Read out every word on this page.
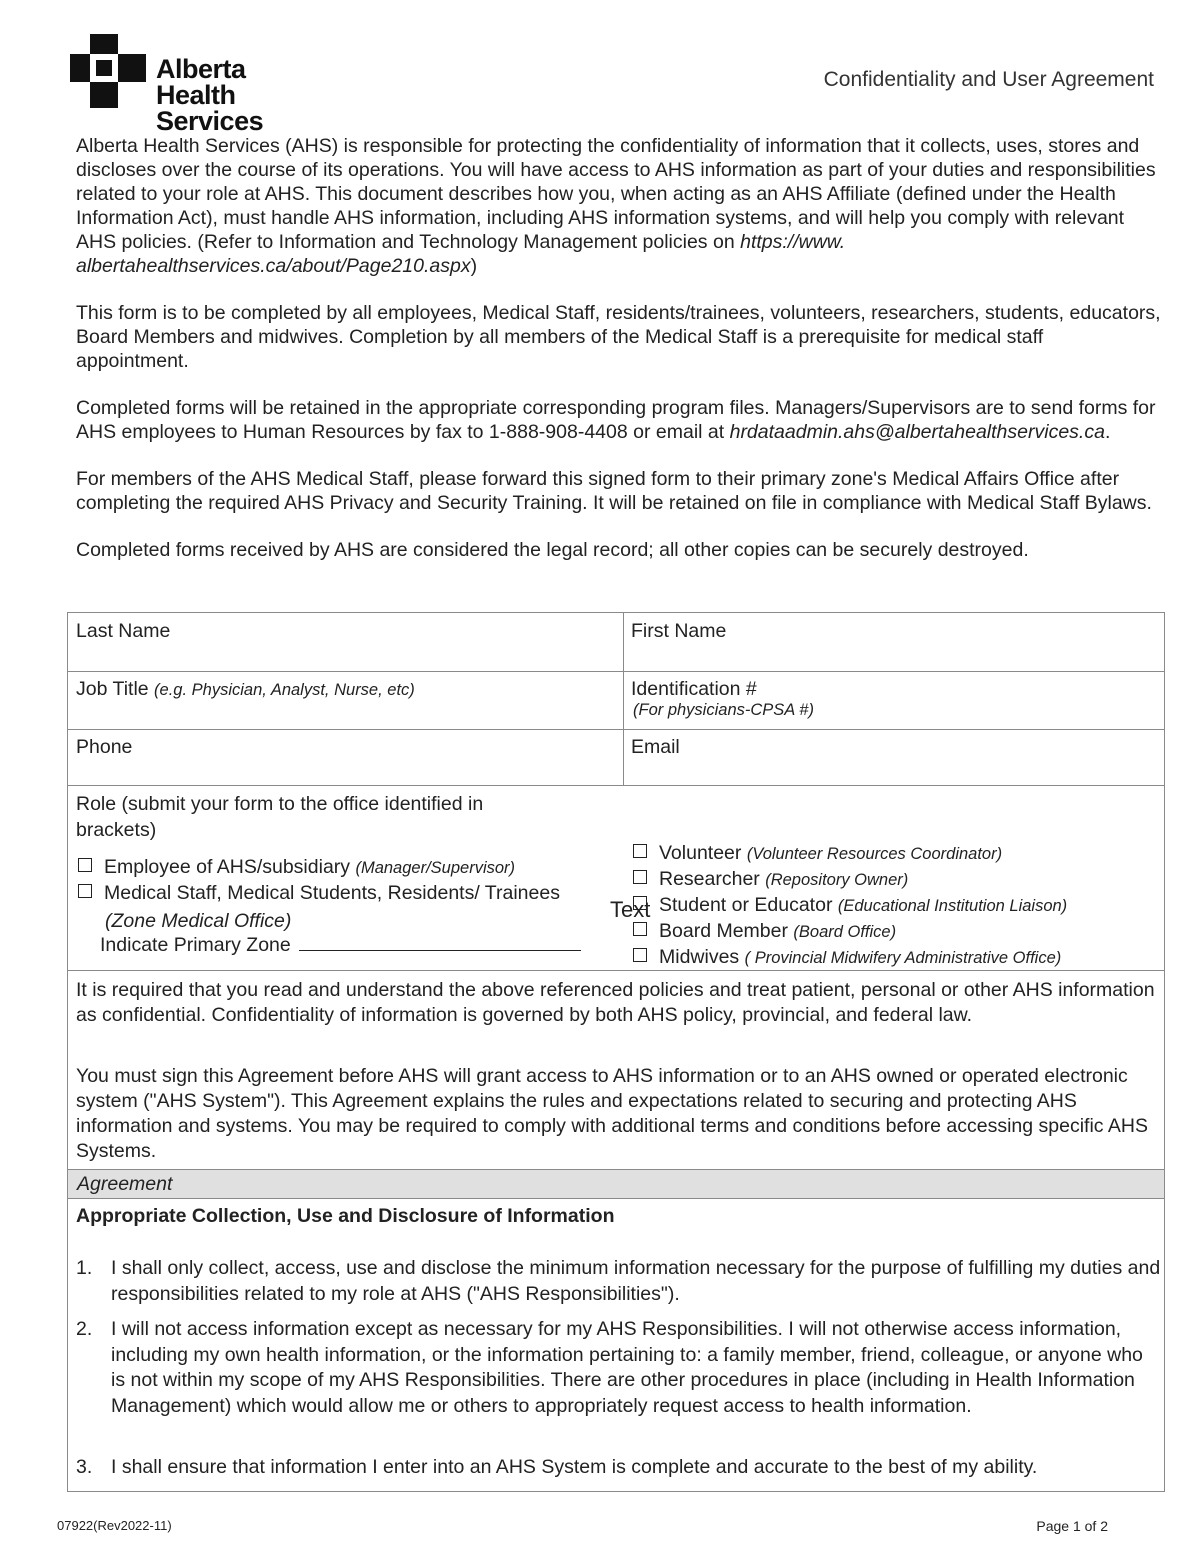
Alberta Health
Services
Confidentiality and User Agreement

Alberta Health Services (AHS) is responsible for protecting the confidentiality of information that it collects, uses, stores and discloses over the course of its operations. You will have access to AHS information as part of your duties and responsibilities related to your role at AHS. This document describes how you, when acting as an AHS Affiliate (defined under the Health Information Act), must handle AHS information, including AHS information systems, and will help you comply with relevant AHS policies. (Refer to Information and Technology Management policies on https://www. albertahealthservices.ca/about/Page210.aspx)

This form is to be completed by all employees, Medical Staff, residents/trainees, volunteers, researchers, students, educators, Board Members and midwives. Completion by all members of the Medical Staff is a prerequisite for medical staff appointment.

Completed forms will be retained in the appropriate corresponding program files. Managers/Supervisors are to send forms for AHS employees to Human Resources by fax to 1-888-908-4408 or email at hrdataadmin.ahs@albertahealthservices.ca.

For members of the AHS Medical Staff, please forward this signed form to their primary zone's Medical Affairs Office after completing the required AHS Privacy and Security Training. It will be retained on file in compliance with Medical Staff Bylaws.

Completed forms received by AHS are considered the legal record; all other copies can be securely destroyed.

Last Name	First Name
Job Title (e.g. Physician, Analyst, Nurse, etc)	Identification #
(For physicians-CPSA #)
Phone	Email
Role (submit your form to the office identified in brackets)
Employee of AHS/subsidiary (Manager/Supervisor)
Medical Staff, Medical Students, Residents/ Trainees
(Zone Medical Office)
Indicate Primary Zone
Volunteer (Volunteer Resources Coordinator)
Researcher (Repository Owner)
Student or Educator (Educational Institution Liaison)
Board Member (Board Office)
Midwives ( Provincial Midwifery Administrative Office)
Text

It is required that you read and understand the above referenced policies and treat patient, personal or other AHS information as confidential. Confidentiality of information is governed by both AHS policy, provincial, and federal law.

You must sign this Agreement before AHS will grant access to AHS information or to an AHS owned or operated electronic system ("AHS System"). This Agreement explains the rules and expectations related to securing and protecting AHS information and systems. You may be required to comply with additional terms and conditions before accessing specific AHS Systems.

Agreement
Appropriate Collection, Use and Disclosure of Information
1. I shall only collect, access, use and disclose the minimum information necessary for the purpose of fulfilling my duties and responsibilities related to my role at AHS ("AHS Responsibilities").
2. I will not access information except as necessary for my AHS Responsibilities. I will not otherwise access information, including my own health information, or the information pertaining to: a family member, friend, colleague, or anyone who is not within my scope of my AHS Responsibilities. There are other procedures in place (including in Health Information Management) which would allow me or others to appropriately request access to health information.
3. I shall ensure that information I enter into an AHS System is complete and accurate to the best of my ability.
07922(Rev2022-11)	Page 1 of 2
